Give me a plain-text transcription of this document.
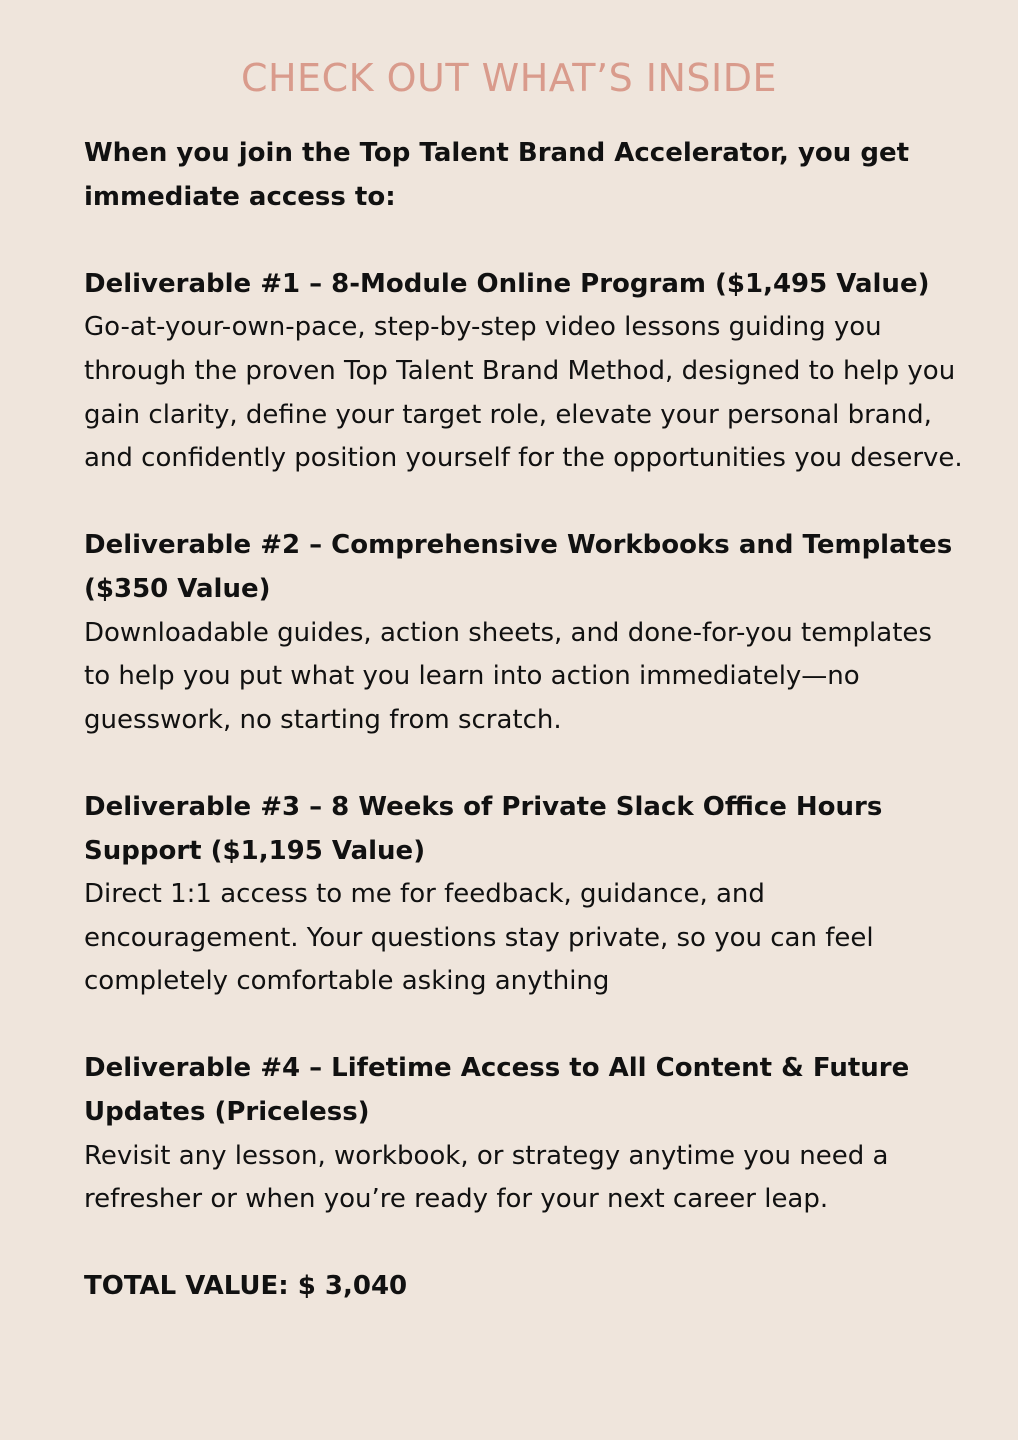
CHECK OUT WHAT’S INSIDE

When you join the Top Talent Brand Accelerator, you get immediate access to:

Deliverable #1 – 8-Module Online Program ($1,495 Value)
Go-at-your-own-pace, step-by-step video lessons guiding you through the proven Top Talent Brand Method, designed to help you gain clarity, define your target role, elevate your personal brand, and confidently position yourself for the opportunities you deserve.
Deliverable #2 – Comprehensive Workbooks and Templates ($350 Value)
Downloadable guides, action sheets, and done-for-you templates to help you put what you learn into action immediately—no guesswork, no starting from scratch.
Deliverable #3 – 8 Weeks of Private Slack Office Hours Support ($1,195 Value)
Direct 1:1 access to me for feedback, guidance, and encouragement. Your questions stay private, so you can feel completely comfortable asking anything
Deliverable #4 – Lifetime Access to All Content & Future Updates (Priceless)
Revisit any lesson, workbook, or strategy anytime you need a refresher or when you’re ready for your next career leap.

TOTAL VALUE: $ 3,040
